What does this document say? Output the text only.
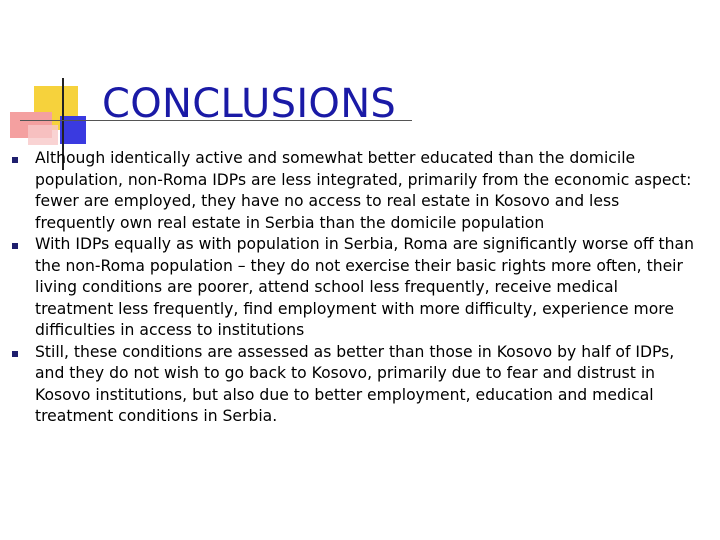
CONCLUSIONS
Although identically active and somewhat better educated than the domicile population, non-Roma IDPs are less integrated, primarily from the economic aspect: fewer are employed, they have no access to real estate in Kosovo and less frequently own real estate in Serbia than the domicile population
With IDPs equally as with population in Serbia, Roma are significantly worse off than the non-Roma population – they do not exercise their basic rights more often, their living conditions are poorer, attend school less frequently, receive medical treatment less frequently, find employment with more difficulty, experience more difficulties in access to institutions
Still, these conditions are assessed as better than those in Kosovo by half of IDPs, and they do not wish to go back to Kosovo, primarily due to fear and distrust in Kosovo institutions, but also due to better employment, education and medical treatment conditions in Serbia.
